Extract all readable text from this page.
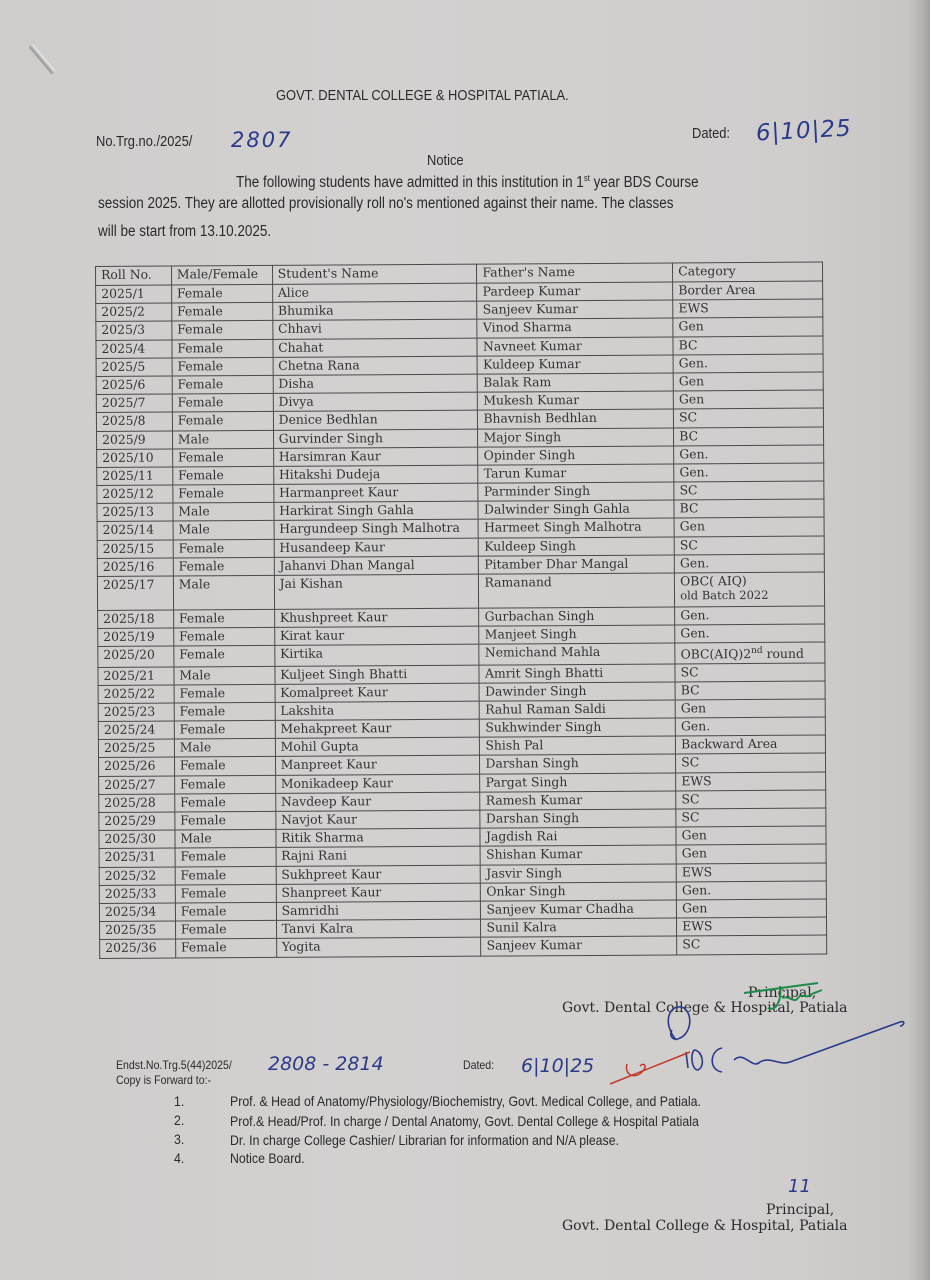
GOVT. DENTAL COLLEGE & HOSPITAL PATIALA.
No.Trg.no./2025/ 2807	Dated: 6|10|25
Notice
The following students have admitted in this institution in 1st year BDS Course
session 2025. They are allotted provisionally roll no's mentioned against their name. The classes
will be start from 13.10.2025.
Roll No.	Male/Female	Student's Name	Father's Name	Category
2025/1	Female	Alice	Pardeep Kumar	Border Area
2025/2	Female	Bhumika	Sanjeev Kumar	EWS
2025/3	Female	Chhavi	Vinod Sharma	Gen
2025/4	Female	Chahat	Navneet Kumar	BC
2025/5	Female	Chetna Rana	Kuldeep Kumar	Gen.
2025/6	Female	Disha	Balak Ram	Gen
2025/7	Female	Divya	Mukesh Kumar	Gen
2025/8	Female	Denice Bedhlan	Bhavnish Bedhlan	SC
2025/9	Male	Gurvinder Singh	Major Singh	BC
2025/10	Female	Harsimran Kaur	Opinder Singh	Gen.
2025/11	Female	Hitakshi Dudeja	Tarun Kumar	Gen.
2025/12	Female	Harmanpreet Kaur	Parminder Singh	SC
2025/13	Male	Harkirat Singh Gahla	Dalwinder Singh Gahla	BC
2025/14	Male	Hargundeep Singh Malhotra	Harmeet Singh Malhotra	Gen
2025/15	Female	Husandeep Kaur	Kuldeep Singh	SC
2025/16	Female	Jahanvi Dhan Mangal	Pitamber Dhar Mangal	Gen.
2025/17	Male	Jai Kishan	Ramanand	OBC( AIQ)
old Batch 2022

2025/18	Female	Khushpreet Kaur	Gurbachan Singh	Gen.
2025/19	Female	Kirat kaur	Manjeet Singh	Gen.
2025/20	Female	Kirtika	Nemichand Mahla	OBC(AIQ)2nd round
2025/21	Male	Kuljeet Singh Bhatti	Amrit Singh Bhatti	SC
2025/22	Female	Komalpreet Kaur	Dawinder Singh	BC
2025/23	Female	Lakshita	Rahul Raman Saldi	Gen
2025/24	Female	Mehakpreet Kaur	Sukhwinder Singh	Gen.
2025/25	Male	Mohil Gupta	Shish Pal	Backward Area
2025/26	Female	Manpreet Kaur	Darshan Singh	SC
2025/27	Female	Monikadeep Kaur	Pargat Singh	EWS
2025/28	Female	Navdeep Kaur	Ramesh Kumar	SC
2025/29	Female	Navjot Kaur	Darshan Singh	SC
2025/30	Male	Ritik Sharma	Jagdish Rai	Gen
2025/31	Female	Rajni Rani	Shishan Kumar	Gen
2025/32	Female	Sukhpreet Kaur	Jasvir Singh	EWS
2025/33	Female	Shanpreet Kaur	Onkar Singh	Gen.
2025/34	Female	Samridhi	Sanjeev Kumar Chadha	Gen
2025/35	Female	Tanvi Kalra	Sunil Kalra	EWS
2025/36	Female	Yogita	Sanjeev Kumar	SC
Principal,
Govt. Dental College & Hospital, Patiala
Endst.No.Trg.5(44)2025/ 2808 - 2814	Dated: 6|10|25
Copy is Forward to:-
1.	Prof. & Head of Anatomy/Physiology/Biochemistry, Govt. Medical College, and Patiala.
2.	Prof.& Head/Prof. In charge / Dental Anatomy, Govt. Dental College & Hospital Patiala
3.	Dr. In charge College Cashier/ Librarian for information and N/A please.
4.	Notice Board.
11
Principal,
Govt. Dental College & Hospital, Patiala
